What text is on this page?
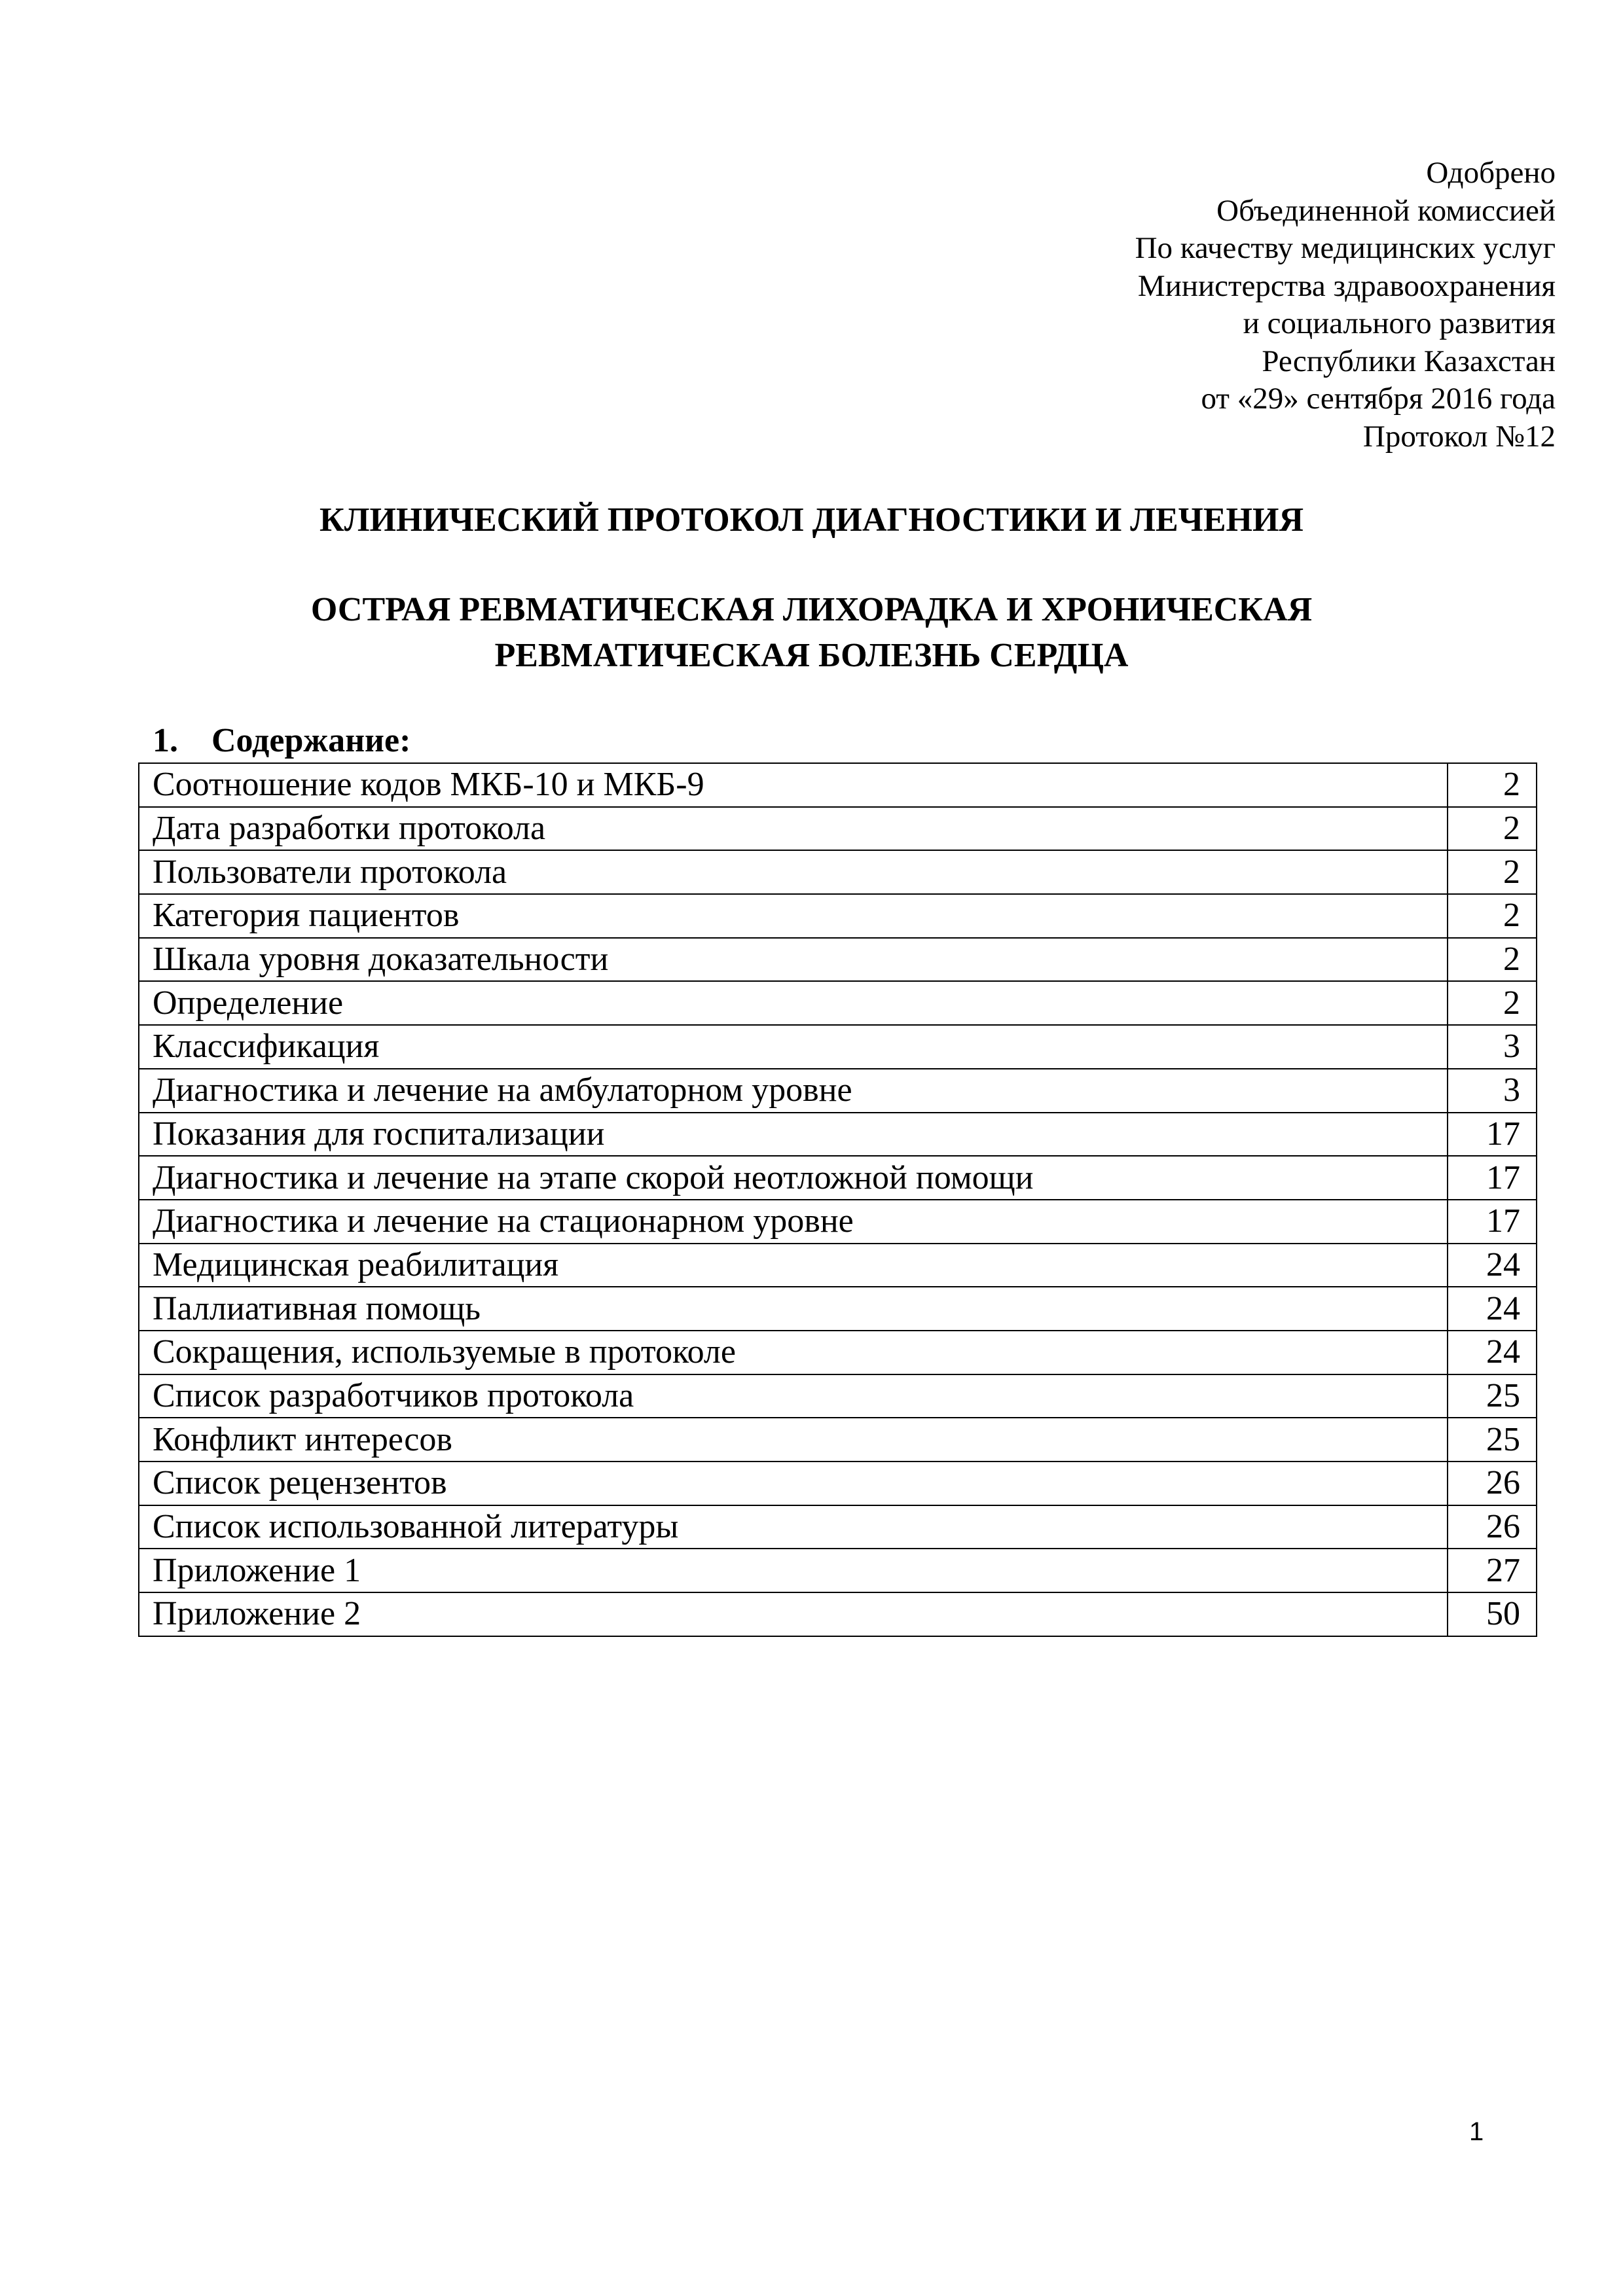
Одобрено
Объединенной комиссией
По качеству медицинских услуг
Министерства здравоохранения
и социального развития
Республики Казахстан
от «29» сентября 2016 года
Протокол №12
КЛИНИЧЕСКИЙ ПРОТОКОЛ ДИАГНОСТИКИ И ЛЕЧЕНИЯ
ОСТРАЯ РЕВМАТИЧЕСКАЯ ЛИХОРАДКА И ХРОНИЧЕСКАЯ
РЕВМАТИЧЕСКАЯ БОЛЕЗНЬ СЕРДЦА
1. Содержание:
Соотношение кодов МКБ-10 и МКБ-9	2
Дата разработки протокола	2
Пользователи протокола	2
Категория пациентов	2
Шкала уровня доказательности	2
Определение	2
Классификация	3
Диагностика и лечение на амбулаторном уровне	3
Показания для госпитализации	17
Диагностика и лечение на этапе скорой неотложной помощи	17
Диагностика и лечение на стационарном уровне	17
Медицинская реабилитация	24
Паллиативная помощь	24
Сокращения, используемые в протоколе	24
Список разработчиков протокола	25
Конфликт интересов	25
Список рецензентов	26
Список использованной литературы	26
Приложение 1	27
Приложение 2	50
1
